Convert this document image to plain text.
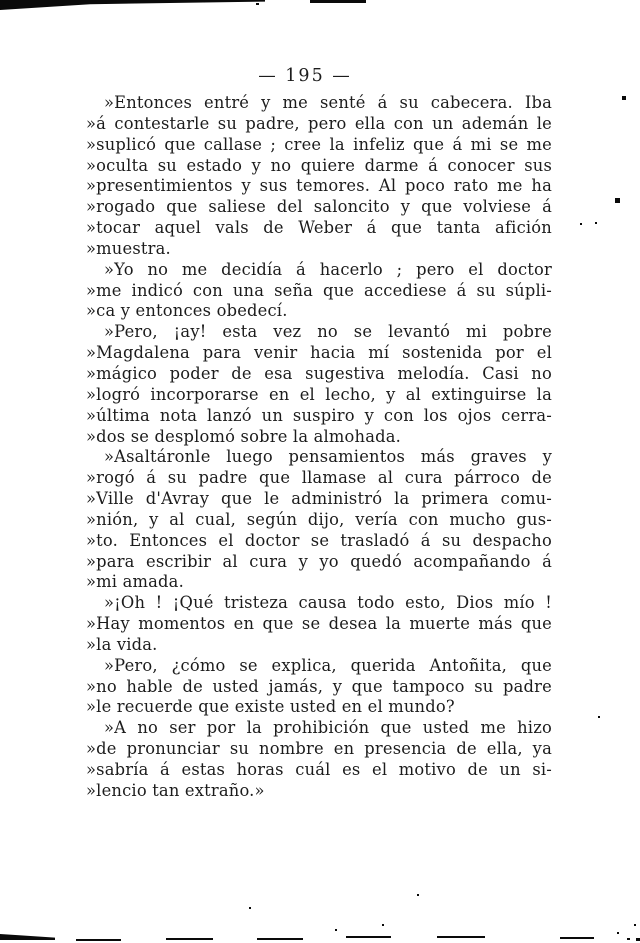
— 195 —
»Entonces entré y me senté á su cabecera. Iba
»á contestarle su padre, pero ella con un ademán le
»suplicó que callase ; cree la infeliz que á mi se me
»oculta su estado y no quiere darme á conocer sus
»presentimientos y sus temores. Al poco rato me ha
»rogado que saliese del saloncito y que volviese á
»tocar aquel vals de Weber á que tanta afición
»muestra.
»Yo no me decidía á hacerlo ; pero el doctor
»me indicó con una seña que accediese á su súpli-
»ca y entonces obedecí.
»Pero, ¡ay! esta vez no se levantó mi pobre
»Magdalena para venir hacia mí sostenida por el
»mágico poder de esa sugestiva melodía. Casi no
»logró incorporarse en el lecho, y al extinguirse la
»última nota lanzó un suspiro y con los ojos cerra-
»dos se desplomó sobre la almohada.
»Asaltáronle luego pensamientos más graves y
»rogó á su padre que llamase al cura párroco de
»Ville d'Avray que le administró la primera comu-
»nión, y al cual, según dijo, vería con mucho gus-
»to. Entonces el doctor se trasladó á su despacho
»para escribir al cura y yo quedó acompañando á
»mi amada.
»¡Oh ! ¡Qué tristeza causa todo esto, Dios mío !
»Hay momentos en que se desea la muerte más que
»la vida.
»Pero, ¿cómo se explica, querida Antoñita, que
»no hable de usted jamás, y que tampoco su padre
»le recuerde que existe usted en el mundo?
»A no ser por la prohibición que usted me hizo
»de pronunciar su nombre en presencia de ella, ya
»sabría á estas horas cuál es el motivo de un si-
»lencio tan extraño.»
